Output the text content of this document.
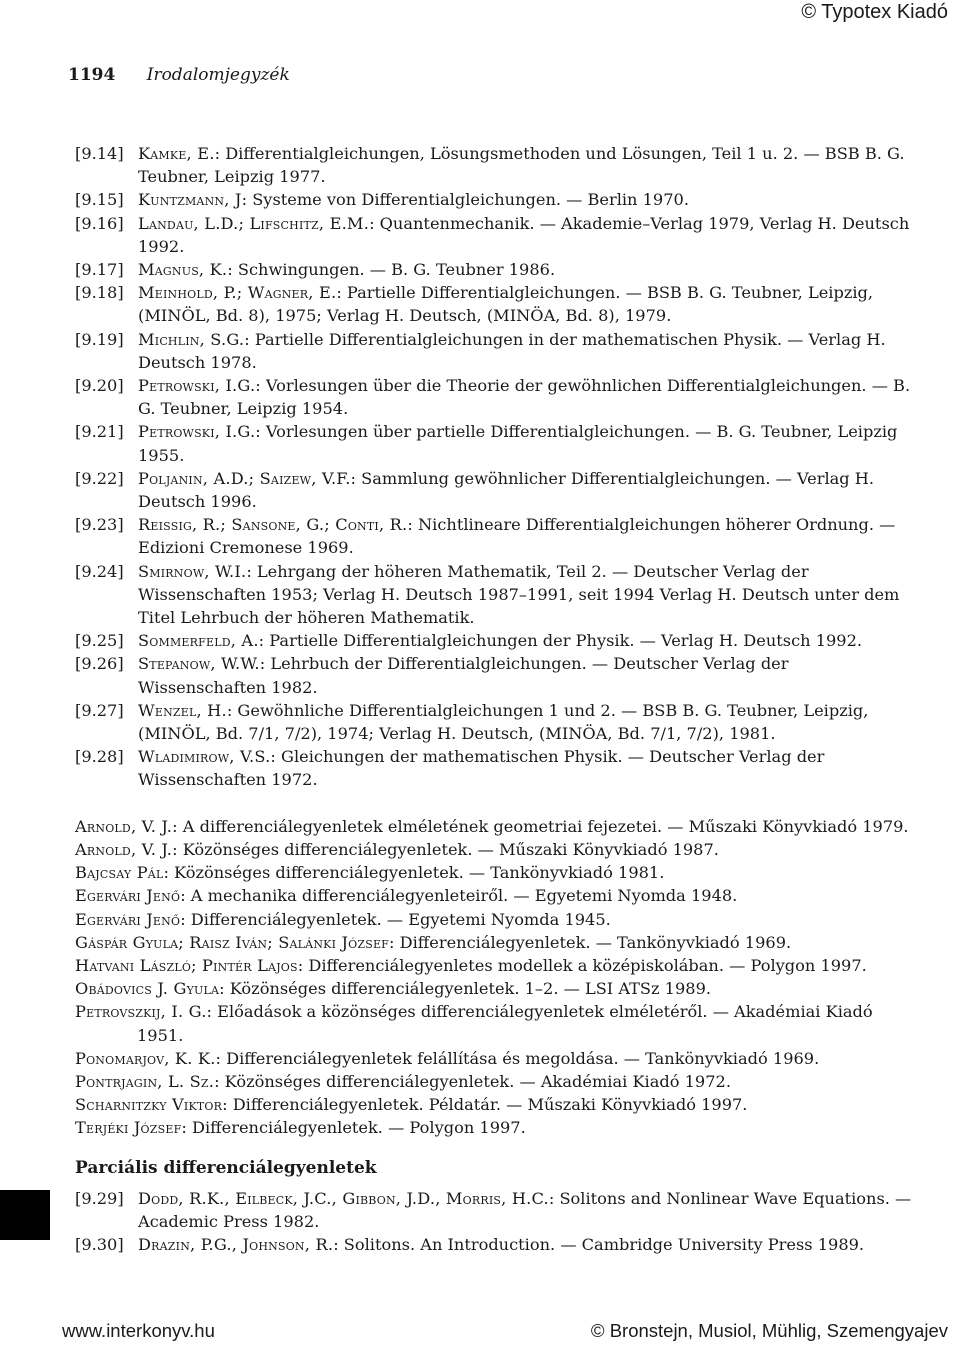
© Typotex Kiadó
1194 Irodalomjegyzék
[9.14] Kamke, E.: Differentialgleichungen, Lösungsmethoden und Lösungen, Teil 1 u. 2. — BSB B. G. Teubner, Leipzig 1977.
[9.15] Kuntzmann, J: Systeme von Differentialgleichungen. — Berlin 1970.
[9.16] Landau, L.D.; Lifschitz, E.M.: Quantenmechanik. — Akademie–Verlag 1979, Verlag H. Deutsch 1992.
[9.17] Magnus, K.: Schwingungen. — B. G. Teubner 1986.
[9.18] Meinhold, P.; Wagner, E.: Partielle Differentialgleichungen. — BSB B. G. Teubner, Leipzig, (MINÖL, Bd. 8), 1975; Verlag H. Deutsch, (MINÖA, Bd. 8), 1979.
[9.19] Michlin, S.G.: Partielle Differentialgleichungen in der mathematischen Physik. — Verlag H. Deutsch 1978.
[9.20] Petrowski, I.G.: Vorlesungen über die Theorie der gewöhnlichen Differentialgleichungen. — B. G. Teubner, Leipzig 1954.
[9.21] Petrowski, I.G.: Vorlesungen über partielle Differentialgleichungen. — B. G. Teubner, Leipzig 1955.
[9.22] Poljanin, A.D.; Saizew, V.F.: Sammlung gewöhnlicher Differentialgleichungen. — Verlag H. Deutsch 1996.
[9.23] Reissig, R.; Sansone, G.; Conti, R.: Nichtlineare Differentialgleichungen höherer Ordnung. — Edizioni Cremonese 1969.
[9.24] Smirnow, W.I.: Lehrgang der höheren Mathematik, Teil 2. — Deutscher Verlag der Wissenschaften 1953; Verlag H. Deutsch 1987–1991, seit 1994 Verlag H. Deutsch unter dem Titel Lehrbuch der höheren Mathematik.
[9.25] Sommerfeld, A.: Partielle Differentialgleichungen der Physik. — Verlag H. Deutsch 1992.
[9.26] Stepanow, W.W.: Lehrbuch der Differentialgleichungen. — Deutscher Verlag der Wissenschaften 1982.
[9.27] Wenzel, H.: Gewöhnliche Differentialgleichungen 1 und 2. — BSB B. G. Teubner, Leipzig, (MINÖL, Bd. 7/1, 7/2), 1974; Verlag H. Deutsch, (MINÖA, Bd. 7/1, 7/2), 1981.
[9.28] Wladimirow, V.S.: Gleichungen der mathematischen Physik. — Deutscher Verlag der Wissenschaften 1972.
Arnold, V. J.: A differenciálegyenletek elméletének geometriai fejezetei. — Műszaki Könyvkiadó 1979.
Arnold, V. J.: Közönséges differenciálegyenletek. — Műszaki Könyvkiadó 1987.
Bajcsay Pál: Közönséges differenciálegyenletek. — Tankönyvkiadó 1981.
Egervári Jenő: A mechanika differenciálegyenleteiről. — Egyetemi Nyomda 1948.
Egervári Jenő: Differenciálegyenletek. — Egyetemi Nyomda 1945.
Gáspár Gyula; Raisz Iván; Salánki József: Differenciálegyenletek. — Tankönyvkiadó 1969.
Hatvani László; Pintér Lajos: Differenciálegyenletes modellek a középiskolában. — Polygon 1997.
Obádovics J. Gyula: Közönséges differenciálegyenletek. 1–2. — LSI ATSz 1989.
Petrovszkij, I. G.: Előadások a közönséges differenciálegyenletek elméletéről. — Akadémiai Kiadó 1951.
Ponomarjov, K. K.: Differenciálegyenletek felállítása és megoldása. — Tankönyvkiadó 1969.
Pontrjagin, L. Sz.: Közönséges differenciálegyenletek. — Akadémiai Kiadó 1972.
Scharnitzky Viktor: Differenciálegyenletek. Példatár. — Műszaki Könyvkiadó 1997.
Terjéki József: Differenciálegyenletek. — Polygon 1997.
Parciális differenciálegyenletek
[9.29] Dodd, R.K., Eilbeck, J.C., Gibbon, J.D., Morris, H.C.: Solitons and Nonlinear Wave Equations. — Academic Press 1982.
[9.30] Drazin, P.G., Johnson, R.: Solitons. An Introduction. — Cambridge University Press 1989.
www.interkonyv.hu	© Bronstejn, Musiol, Mühlig, Szemengyajev
